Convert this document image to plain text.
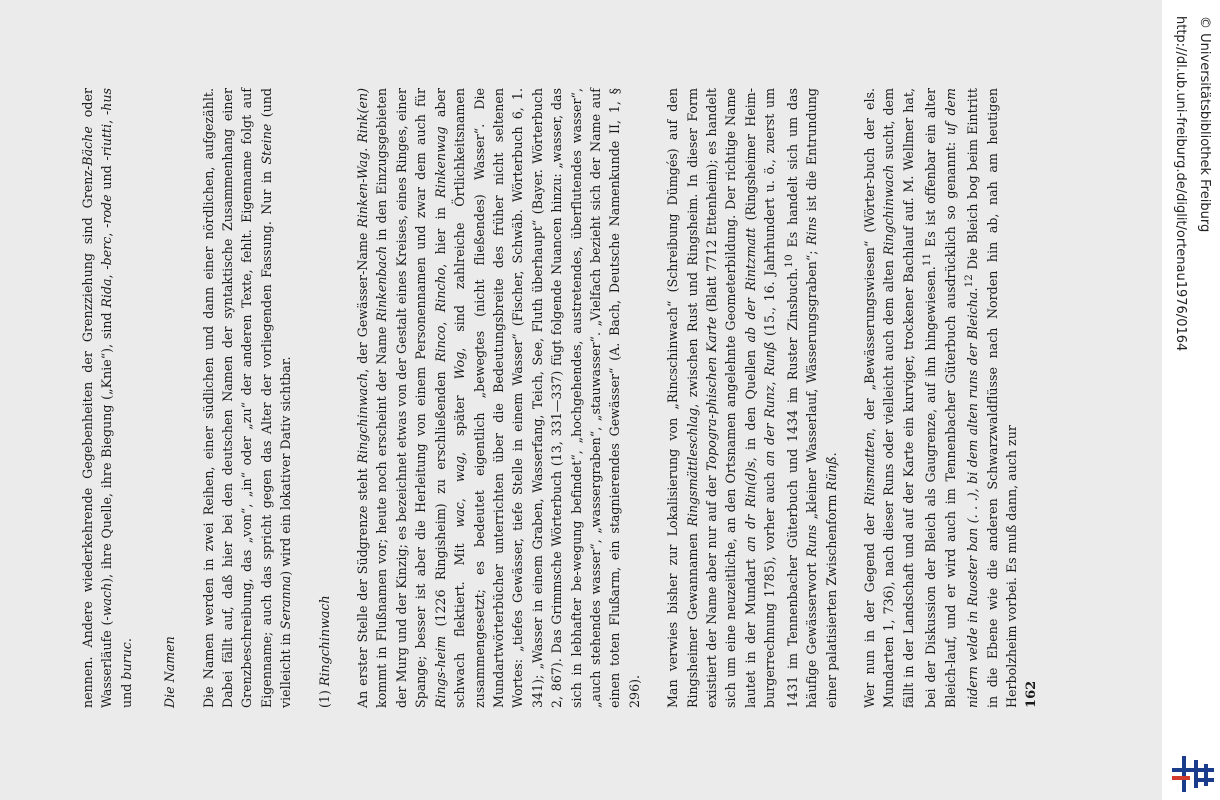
nennen. Andere wiederkehrende Gegebenheiten der Grenzziehung sind Grenz-Bäche oder Wasserläufe (-wach), ihre Quelle, ihre Biegung („Knie“), sind Rida, -berc, -rode und -riutti, -hus und buruc. Die Namen Die Namen werden in zwei Reihen, einer südlichen und dann einer nördlichen, aufgezählt. Dabei fällt auf, daß hier bei den deutschen Namen der syntaktische Zusammenhang einer Grenzbeschreibung, das „von“, „in“ oder „zu“ der anderen Texte, fehlt. Eigenname folgt auf Eigenname; auch das spricht gegen das Alter der vorliegenden Fassung. Nur in Steine (und vielleicht in Seranna) wird ein lokativer Dativ sichtbar.

(1) Ringchinwach An erster Stelle der Südgrenze steht Ringchinwach, der Gewässer-Name Rinken-Wag. Rink(en) kommt in Flußnamen vor; heute noch erscheint der Name Rinkenbach in den Einzugsgebieten der Murg und der Kinzig; es bezeichnet etwas von der Gestalt eines Kreises, eines Ringes, einer Spange; besser ist aber die Herleitung von einem Personennamen und zwar dem auch für Rings-heim (1226 Ringisheim) zu erschließenden Rinco, Rincho, hier in Rinkenwag aber schwach flektiert. Mit wac, wag, später Wog, sind zahlreiche Örtlichkeitsnamen zusammengesetzt; es bedeutet eigentlich „bewegtes (nicht fließendes) Wasser“. Die Mundartwörterbücher unterrichten über die Bedeutungsbreite des früher nicht seltenen Wortes: „tiefes Gewässer, tiefe Stelle in einem Wasser“ (Fischer, Schwäb. Wörterbuch 6, 1. 341); „Wasser in einem Graben, Wasserfang, Teich, See, Fluth überhaupt“ (Bayer. Wörterbuch 2, 867). Das Grimmsche Wörterbuch (13, 331—337) fügt folgende Nuancen hinzu: „wasser, das sich in lebhafter be-wegung befindet“, „hochgehendes, austretendes, überflutendes wasser“, „auch stehendes wasser“, „wassergraben“, „stauwasser“. „Vielfach bezieht sich der Name auf einen toten Flußarm, ein stagnierendes Gewässer“ (A. Bach, Deutsche Namenkunde II, 1, § 296). Man verwies bisher zur Lokalisierung von „Rincschinwach“ (Schreibung Dümgés) auf den Ringsheimer Gewannamen Ringsmättleschlag, zwischen Rust und Ringsheim. In dieser Form existiert der Name aber nur auf der Topogra-phischen Karte (Blatt 7712 Ettenheim); es handelt sich um eine neuzeitliche, an den Ortsnamen angelehnte Geometerbildung. Der richtige Name lautet in der Mundart an dr Rin(d)s, in den Quellen ab der Rintzmatt (Ringsheimer Heim-burgerrechnung 1785), vorher auch an der Runz, Runß (15., 16. Jahrhundert u. ö., zuerst um 1431 im Tennenbacher Güterbuch und 1434 im Ruster Zinsbuch.$^{10}$ Es handelt sich um das häufige Gewässerwort Runs „kleiner Wasserlauf, Wässerungsgraben“; Rins ist die Entrundung einer palatisierten Zwischenform Rünß.

Wer nun in der Gegend der Rinsmatten, der „Bewässerungswiesen“ (Wörter-buch der els. Mundarten 1, 736), nach dieser Runs oder vielleicht auch dem alten Ringchinwach sucht, dem fällt in der Landschaft und auf der Karte ein kurviger, trockener Bachlauf auf. M. Wellmer hat, bei der Diskussion der Bleich als Gaugrenze, auf ihn hingewiesen.$^{11}$ Es ist offenbar ein alter Bleich-lauf, und er wird auch im Tennenbacher Güterbuch ausdrücklich so genannt: uf dem nidern velde in Ruoster ban (. . .), bi dem alten runs der Bleicha.$^{12}$ Die Bleich bog beim Eintritt in die Ebene wie die anderen Schwarzwaldflüsse nach Norden hin ab, nah am heutigen Herbolzheim vorbei. Es muß dann, auch zur 162

http://dl.ub.uni-freiburg.de/diglit/ortenau1976/0164 © Universitätsbibliothek Freiburg
